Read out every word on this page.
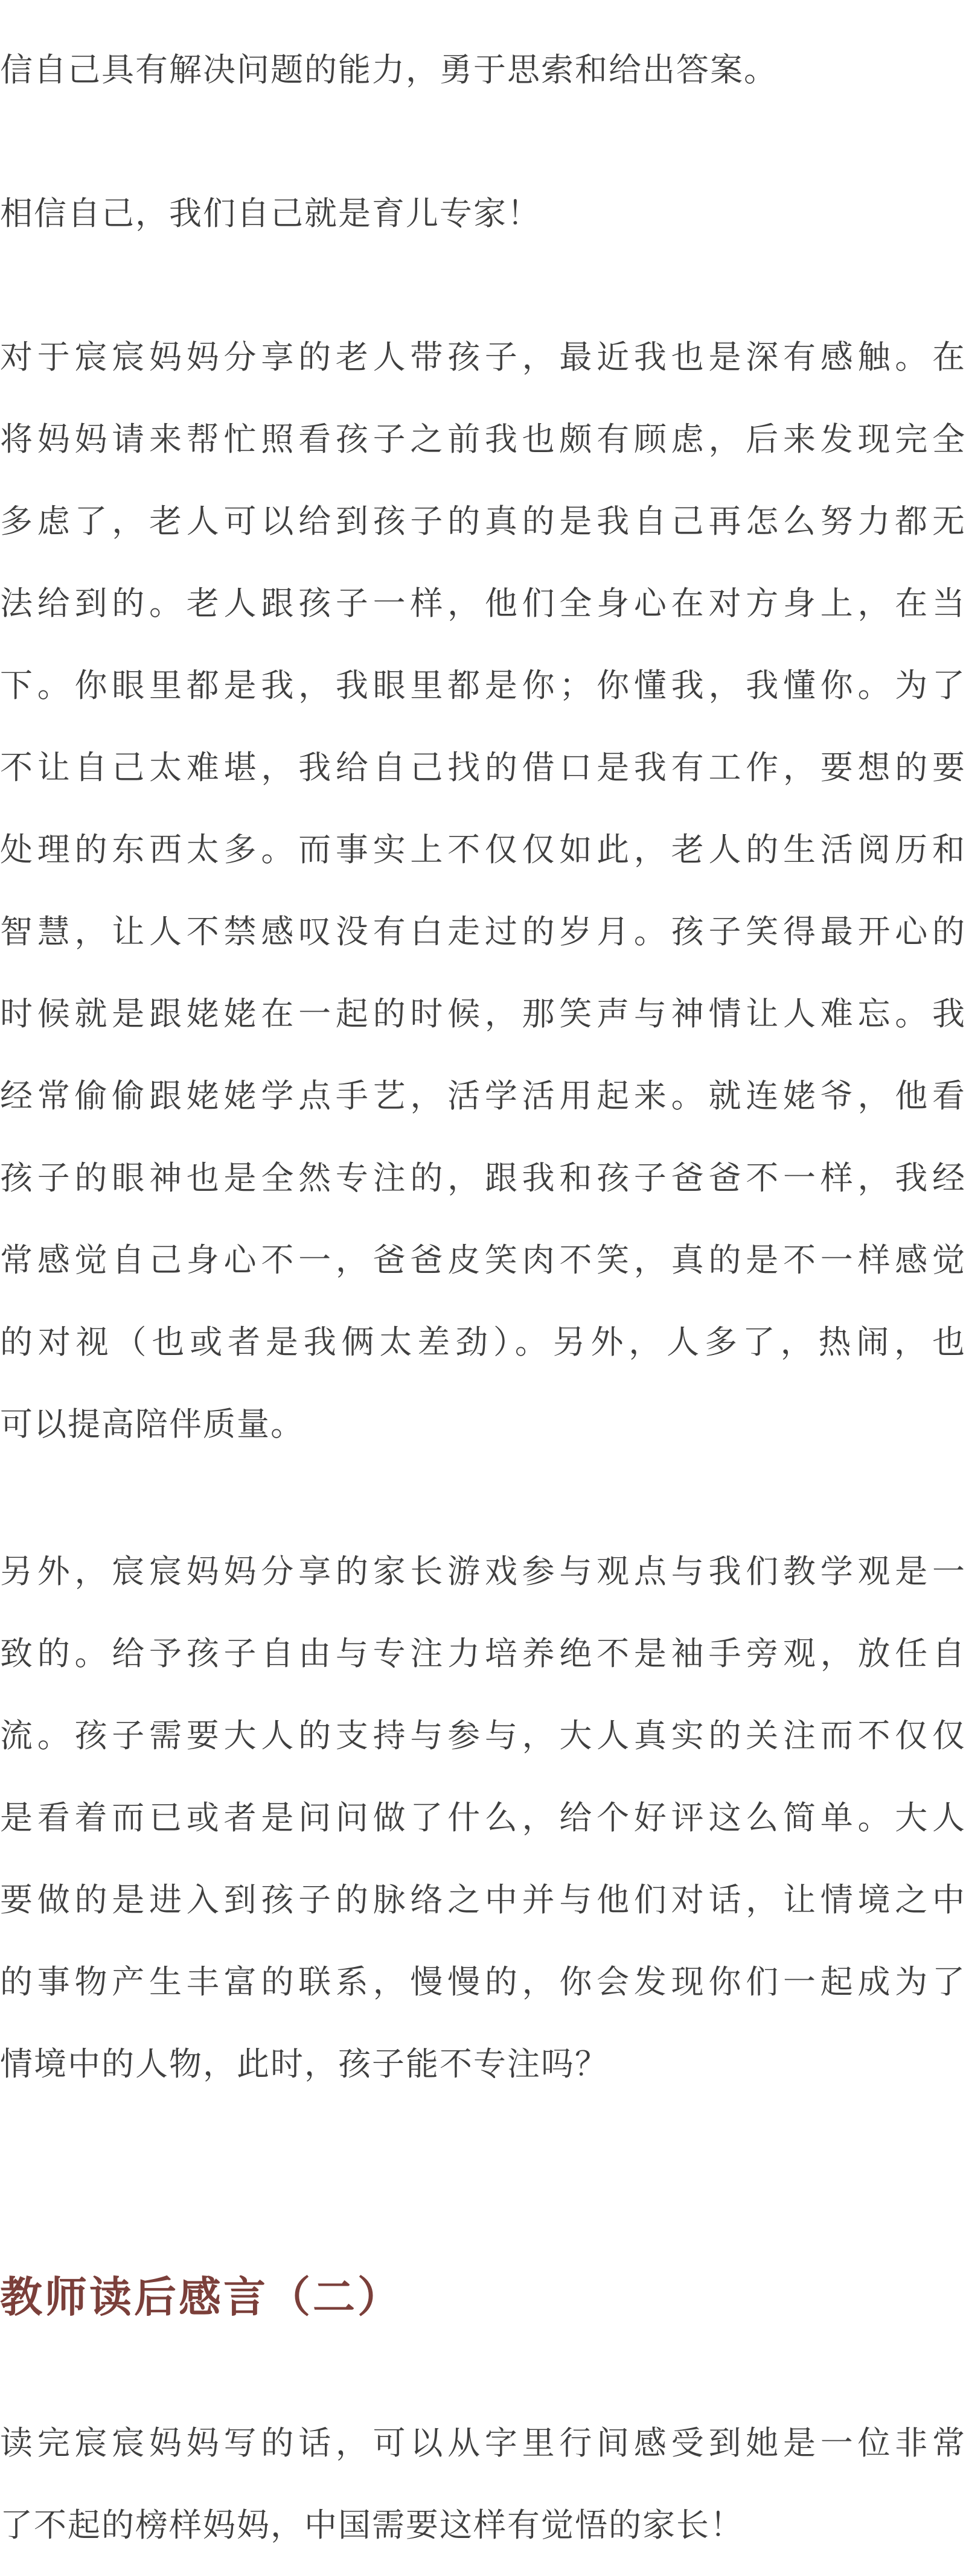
信自己具有解决问题的能力，勇于思索和给出答案。
相信自己，我们自己就是育儿专家！
对于宸宸妈妈分享的老人带孩子，最近我也是深有感触。在
将妈妈请来帮忙照看孩子之前我也颇有顾虑，后来发现完全
多虑了，老人可以给到孩子的真的是我自己再怎么努力都无
法给到的。老人跟孩子一样，他们全身心在对方身上，在当
下。你眼里都是我，我眼里都是你；你懂我，我懂你。为了
不让自己太难堪，我给自己找的借口是我有工作，要想的要
处理的东西太多。而事实上不仅仅如此，老人的生活阅历和
智慧，让人不禁感叹没有白走过的岁月。孩子笑得最开心的
时候就是跟姥姥在一起的时候，那笑声与神情让人难忘。我
经常偷偷跟姥姥学点手艺，活学活用起来。就连姥爷，他看
孩子的眼神也是全然专注的，跟我和孩子爸爸不一样，我经
常感觉自己身心不一，爸爸皮笑肉不笑，真的是不一样感觉
的对视（也或者是我俩太差劲）。另外，人多了，热闹，也
可以提高陪伴质量。
另外，宸宸妈妈分享的家长游戏参与观点与我们教学观是一
致的。给予孩子自由与专注力培养绝不是袖手旁观，放任自
流。孩子需要大人的支持与参与，大人真实的关注而不仅仅
是看着而已或者是问问做了什么，给个好评这么简单。大人
要做的是进入到孩子的脉络之中并与他们对话，让情境之中
的事物产生丰富的联系，慢慢的，你会发现你们一起成为了
情境中的人物，此时，孩子能不专注吗？
教师读后感言（二）
读完宸宸妈妈写的话，可以从字里行间感受到她是一位非常
了不起的榜样妈妈，中国需要这样有觉悟的家长！
